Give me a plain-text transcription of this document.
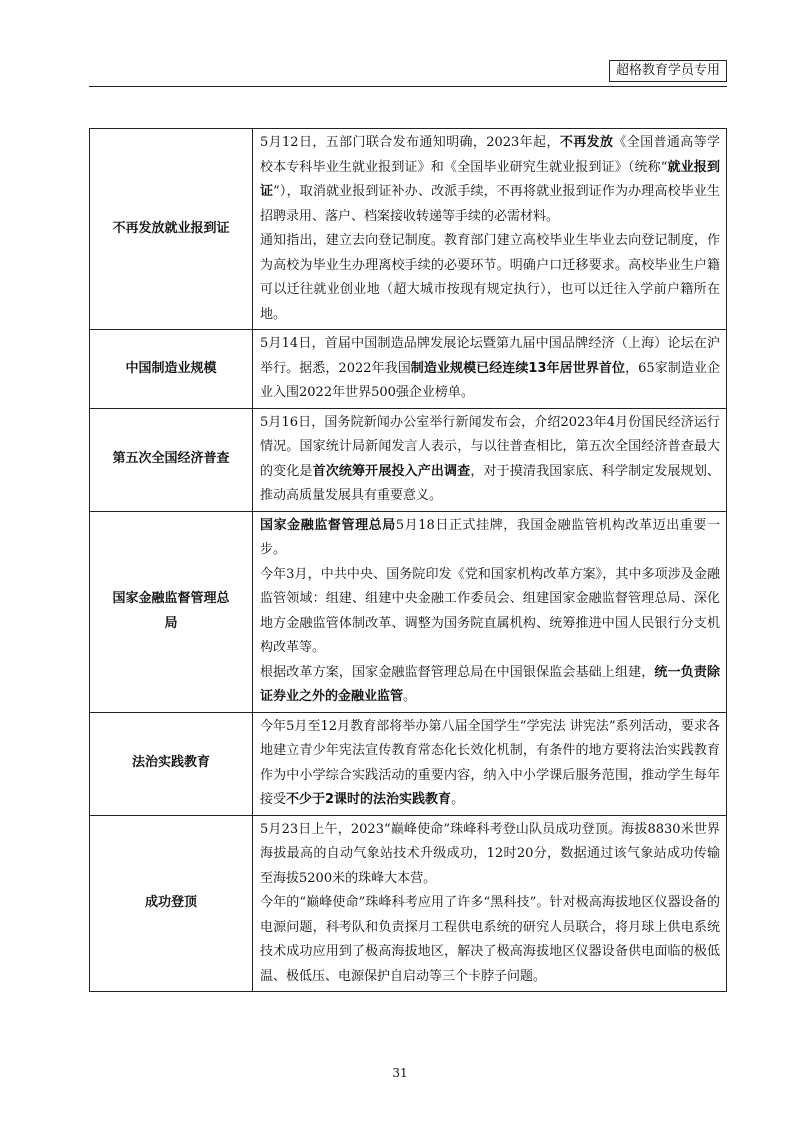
超格教育学员专用
不再发放就业报到证	5月12日，五部门联合发布通知明确，2023年起，不再发放《全国普通高等学校本专科毕业生就业报到证》和《全国毕业研究生就业报到证》（统称“就业报到证”），取消就业报到证补办、改派手续，不再将就业报到证作为办理高校毕业生招聘录用、落户、档案接收转递等手续的必需材料。

通知指出，建立去向登记制度。教育部门建立高校毕业生毕业去向登记制度，作为高校为毕业生办理离校手续的必要环节。明确户口迁移要求。高校毕业生户籍可以迁往就业创业地（超大城市按现有规定执行），也可以迁往入学前户籍所在地。

中国制造业规模	5月14日，首届中国制造品牌发展论坛暨第九届中国品牌经济（上海）论坛在沪举行。据悉，2022年我国制造业规模已经连续13年居世界首位，65家制造业企业入围2022年世界500强企业榜单。

第五次全国经济普查	5月16日，国务院新闻办公室举行新闻发布会，介绍2023年4月份国民经济运行情况。国家统计局新闻发言人表示，与以往普查相比，第五次全国经济普查最大的变化是首次统筹开展投入产出调查，对于摸清我国家底、科学制定发展规划、推动高质量发展具有重要意义。

国家金融监督管理总局	国家金融监督管理总局5月18日正式挂牌，我国金融监管机构改革迈出重要一步。

今年3月，中共中央、国务院印发《党和国家机构改革方案》，其中多项涉及金融监管领域：组建、组建中央金融工作委员会、组建国家金融监督管理总局、深化地方金融监管体制改革、调整为国务院直属机构、统筹推进中国人民银行分支机构改革等。

根据改革方案，国家金融监督管理总局在中国银保监会基础上组建，统一负责除证券业之外的金融业监管。

法治实践教育	今年5月至12月教育部将举办第八届全国学生“学宪法 讲宪法”系列活动，要求各地建立青少年宪法宣传教育常态化长效化机制，有条件的地方要将法治实践教育作为中小学综合实践活动的重要内容，纳入中小学课后服务范围，推动学生每年接受不少于2课时的法治实践教育。

成功登顶	5月23日上午，2023“巅峰使命”珠峰科考登山队员成功登顶。海拔8830米世界海拔最高的自动气象站技术升级成功，12时20分，数据通过该气象站成功传输至海拔5200米的珠峰大本营。

今年的“巅峰使命”珠峰科考应用了许多“黑科技”。针对极高海拔地区仪器设备的电源问题，科考队和负责探月工程供电系统的研究人员联合，将月球上供电系统技术成功应用到了极高海拔地区，解决了极高海拔地区仪器设备供电面临的极低温、极低压、电源保护自启动等三个卡脖子问题。

31
